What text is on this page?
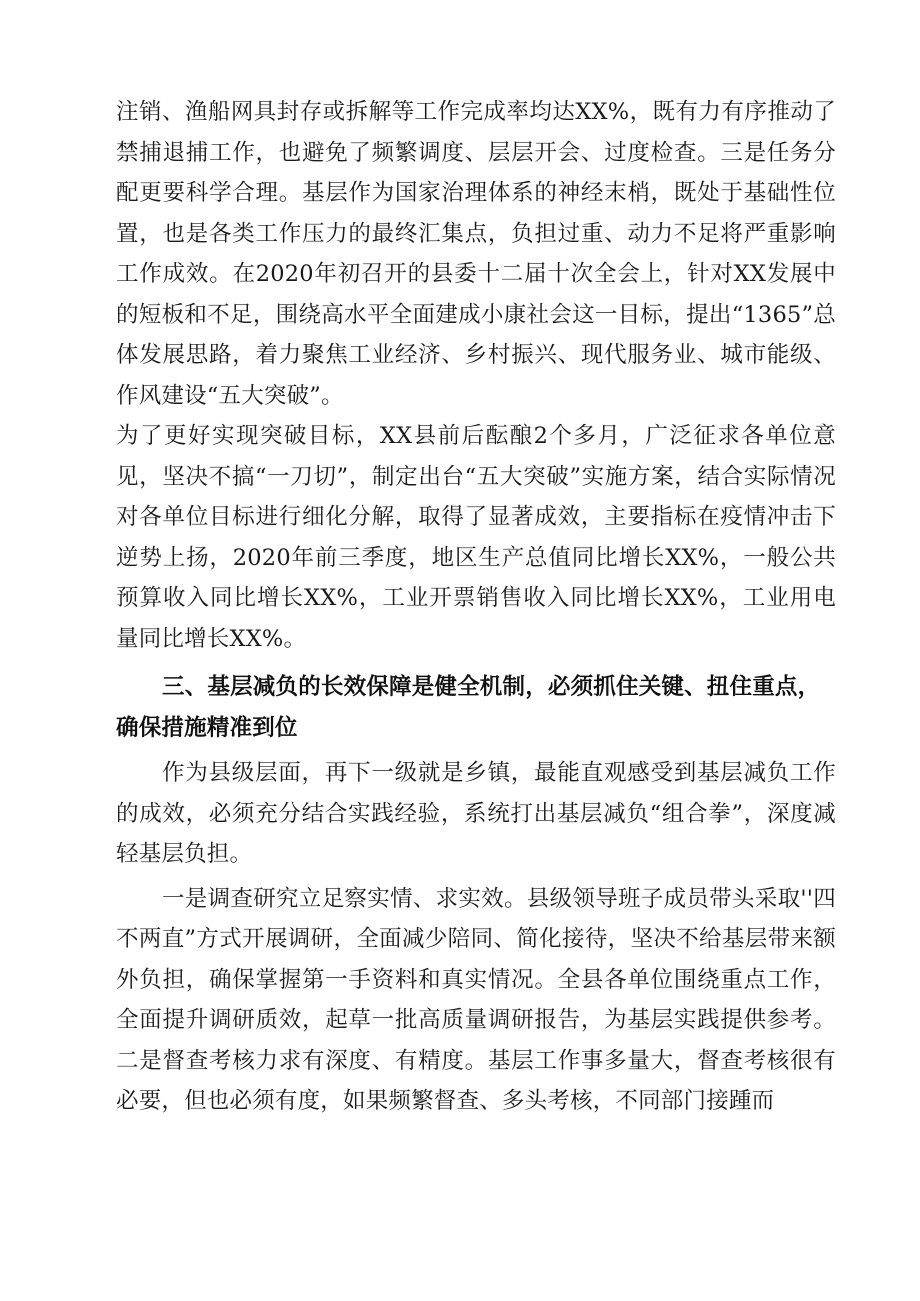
注销、渔船网具封存或拆解等工作完成率均达XX%，既有力有序推动了禁捕退捕工作，也避免了频繁调度、层层开会、过度检查。三是任务分配更要科学合理。基层作为国家治理体系的神经末梢，既处于基础性位置，也是各类工作压力的最终汇集点，负担过重、动力不足将严重影响工作成效。在2020年初召开的县委十二届十次全会上，针对XX发展中的短板和不足，围绕高水平全面建成小康社会这一目标，提出“1365”总体发展思路，着力聚焦工业经济、乡村振兴、现代服务业、城市能级、作风建设“五大突破”。

为了更好实现突破目标，XX县前后酝酿2个多月，广泛征求各单位意见，坚决不搞“一刀切”，制定出台“五大突破”实施方案，结合实际情况对各单位目标进行细化分解，取得了显著成效，主要指标在疫情冲击下逆势上扬，2020年前三季度，地区生产总值同比增长XX%，一般公共预算收入同比增长XX%，工业开票销售收入同比增长XX%，工业用电量同比增长XX%。

三、基层减负的长效保障是健全机制，必须抓住关键、扭住重点，确保措施精准到位

作为县级层面，再下一级就是乡镇，最能直观感受到基层减负工作的成效，必须充分结合实践经验，系统打出基层减负“组合拳”，深度减轻基层负担。

一是调查研究立足察实情、求实效。县级领导班子成员带头采取''四不两直”方式开展调研，全面减少陪同、简化接待，坚决不给基层带来额外负担，确保掌握第一手资料和真实情况。全县各单位围绕重点工作，全面提升调研质效，起草一批高质量调研报告，为基层实践提供参考。二是督查考核力求有深度、有精度。基层工作事多量大，督查考核很有必要，但也必须有度，如果频繁督查、多头考核，不同部门接踵而
